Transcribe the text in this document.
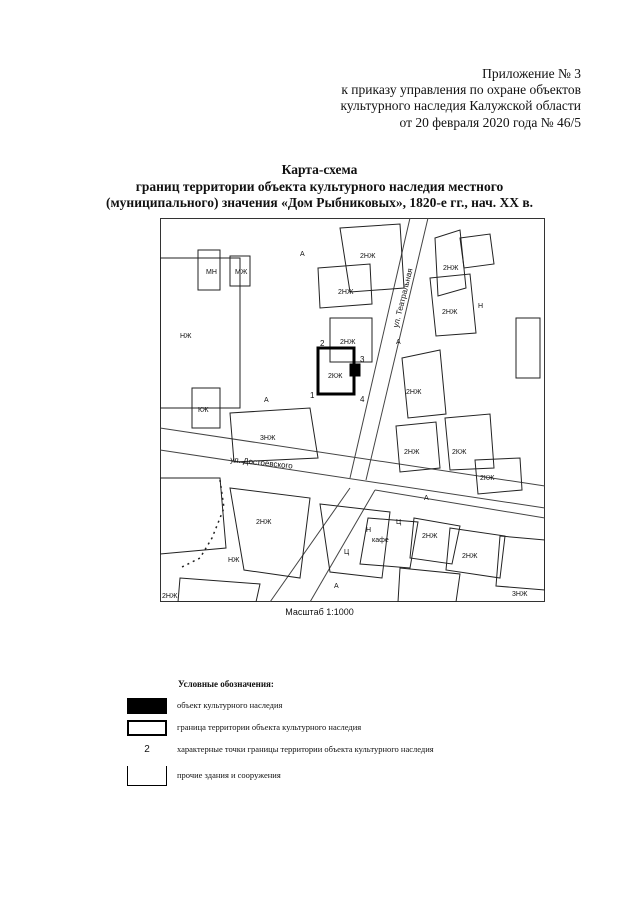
Приложение № 3
к приказу управления по охране объектов
культурного наследия Калужской области
от 20 февраля 2020 года № 46/5
Карта-схема
границ территории объекта культурного наследия местного
(муниципального) значения «Дом Рыбниковых», 1820-е гг., нач. XX в.
1
2
3
4
ул. Театральная
ул. Достоевского
НЖ
МН	МЖ
КЖ
2НЖ
2НЖ
2НЖ
2НЖ
2КЖ
2НЖ
3НЖ
2НЖ
НЖ
2НЖ
2НЖ	2КЖ
2КЖ
2НЖ
Н
Н
кафе
Ц
Ц
А
А
А
А
А
3НЖ
2НЖ
2НЖ
Масштаб 1:1000
Условные обозначения:
объект культурного наследия
граница территории объекта культурного наследия
2	характерные точки границы территории объекта культурного наследия
прочие здания и сооружения
